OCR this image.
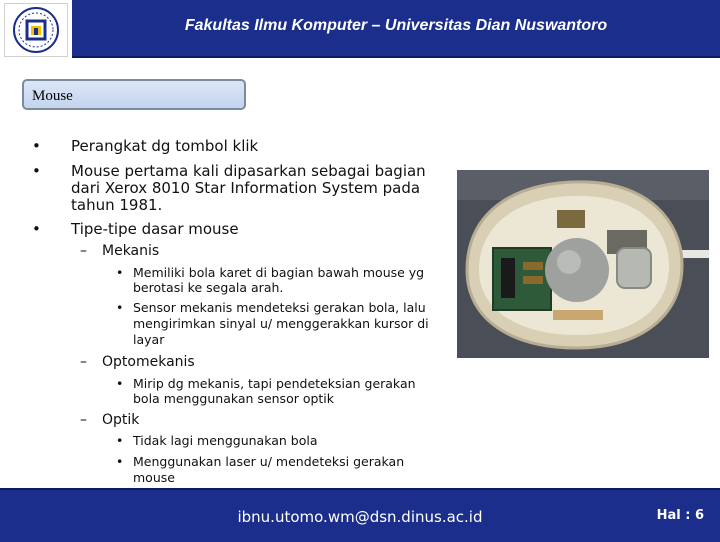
Fakultas Ilmu Komputer – Universitas Dian Nuswantoro
Mouse
• Perangkat dg tombol klik
• Mouse pertama kali dipasarkan sebagai bagian
dari Xerox 8010 Star Information System pada
tahun 1981.
• Tipe-tipe dasar mouse
– Mekanis
• Memiliki bola karet di bagian bawah mouse yg
berotasi ke segala arah.
• Sensor mekanis mendeteksi gerakan bola, lalu
mengirimkan sinyal u/ menggerakkan kursor di
layar
– Optomekanis
• Mirip dg mekanis, tapi pendeteksian gerakan
bola menggunakan sensor optik
– Optik
• Tidak lagi menggunakan bola
• Menggunakan laser u/ mendeteksi gerakan
mouse
ibnu.utomo.wm@dsn.dinus.ac.id	Hal : 6
